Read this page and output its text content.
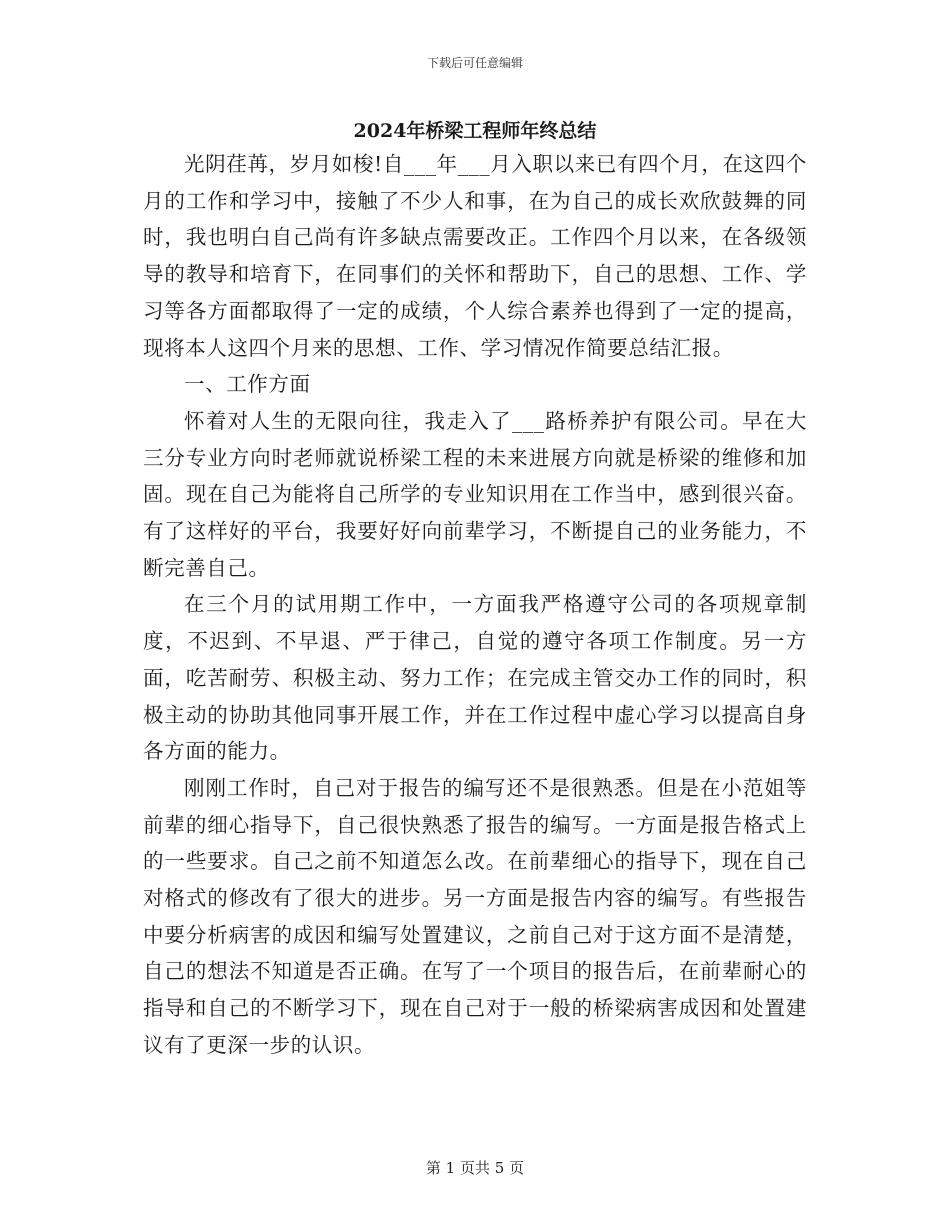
下载后可任意编辑
2024年桥梁工程师年终总结

光阴荏苒，岁月如梭!自___年___月入职以来已有四个月，在这四个月的工作和学习中，接触了不少人和事，在为自己的成长欢欣鼓舞的同时，我也明白自己尚有许多缺点需要改正。工作四个月以来，在各级领导的教导和培育下，在同事们的关怀和帮助下，自己的思想、工作、学习等各方面都取得了一定的成绩，个人综合素养也得到了一定的提高，现将本人这四个月来的思想、工作、学习情况作简要总结汇报。

一、工作方面

怀着对人生的无限向往，我走入了___路桥养护有限公司。早在大三分专业方向时老师就说桥梁工程的未来进展方向就是桥梁的维修和加固。现在自己为能将自己所学的专业知识用在工作当中，感到很兴奋。有了这样好的平台，我要好好向前辈学习，不断提自己的业务能力，不断完善自己。

在三个月的试用期工作中，一方面我严格遵守公司的各项规章制度，不迟到、不早退、严于律己，自觉的遵守各项工作制度。另一方面，吃苦耐劳、积极主动、努力工作；在完成主管交办工作的同时，积极主动的协助其他同事开展工作，并在工作过程中虚心学习以提高自身各方面的能力。

刚刚工作时，自己对于报告的编写还不是很熟悉。但是在小范姐等前辈的细心指导下，自己很快熟悉了报告的编写。一方面是报告格式上的一些要求。自己之前不知道怎么改。在前辈细心的指导下，现在自己对格式的修改有了很大的进步。另一方面是报告内容的编写。有些报告中要分析病害的成因和编写处置建议，之前自己对于这方面不是清楚，自己的想法不知道是否正确。在写了一个项目的报告后，在前辈耐心的指导和自己的不断学习下，现在自己对于一般的桥梁病害成因和处置建议有了更深一步的认识。

第 1 页共 5 页
